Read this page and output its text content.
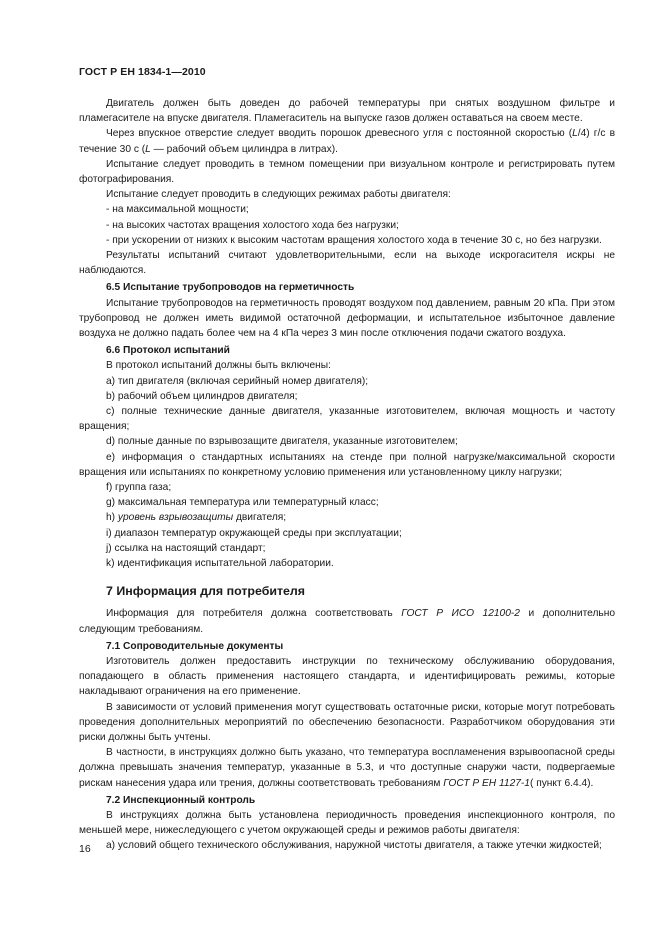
ГОСТ Р ЕН 1834-1—2010

Двигатель должен быть доведен до рабочей температуры при снятых воздушном фильтре и пламегасителе на впуске двигателя. Пламегаситель на выпуске газов должен оставаться на своем месте.

Через впускное отверстие следует вводить порошок древесного угля с постоянной скоростью (L/4) г/с в течение 30 с (L — рабочий объем цилиндра в литрах).

Испытание следует проводить в темном помещении при визуальном контроле и регистрировать путем фотографирования.

Испытание следует проводить в следующих режимах работы двигателя:

- на максимальной мощности;

- на высоких частотах вращения холостого хода без нагрузки;

- при ускорении от низких к высоким частотам вращения холостого хода в течение 30 с, но без нагрузки.

Результаты испытаний считают удовлетворительными, если на выходе искрогасителя искры не наблюдаются.

6.5 Испытание трубопроводов на герметичность

Испытание трубопроводов на герметичность проводят воздухом под давлением, равным 20 кПа. При этом трубопровод не должен иметь видимой остаточной деформации, и испытательное избыточное давление воздуха не должно падать более чем на 4 кПа через 3 мин после отключения подачи сжатого воздуха.

6.6 Протокол испытаний

В протокол испытаний должны быть включены:

a) тип двигателя (включая серийный номер двигателя);

b) рабочий объем цилиндров двигателя;

c) полные технические данные двигателя, указанные изготовителем, включая мощность и частоту вращения;

d) полные данные по взрывозащите двигателя, указанные изготовителем;

e) информация о стандартных испытаниях на стенде при полной нагрузке/максимальной скорости вращения или испытаниях по конкретному условию применения или установленному циклу нагрузки;

f) группа газа;

g) максимальная температура или температурный класс;

h) уровень взрывозащиты двигателя;

i) диапазон температур окружающей среды при эксплуатации;

j) ссылка на настоящий стандарт;

k) идентификация испытательной лаборатории.

7 Информация для потребителя

Информация для потребителя должна соответствовать ГОСТ Р ИСО 12100-2 и дополнительно следующим требованиям.

7.1 Сопроводительные документы

Изготовитель должен предоставить инструкции по техническому обслуживанию оборудования, попадающего в область применения настоящего стандарта, и идентифицировать режимы, которые накладывают ограничения на его применение.

В зависимости от условий применения могут существовать остаточные риски, которые могут потребовать проведения дополнительных мероприятий по обеспечению безопасности. Разработчиком оборудования эти риски должны быть учтены.

В частности, в инструкциях должно быть указано, что температура воспламенения взрывоопасной среды должна превышать значения температур, указанные в 5.3, и что доступные снаружи части, подвергаемые рискам нанесения удара или трения, должны соответствовать требованиям ГОСТ Р ЕН 1127-1( пункт 6.4.4).

7.2 Инспекционный контроль

В инструкциях должна быть установлена периодичность проведения инспекционного контроля, по меньшей мере, нижеследующего с учетом окружающей среды и режимов работы двигателя:

a) условий общего технического обслуживания, наружной чистоты двигателя, а также утечки жидкостей;

16
